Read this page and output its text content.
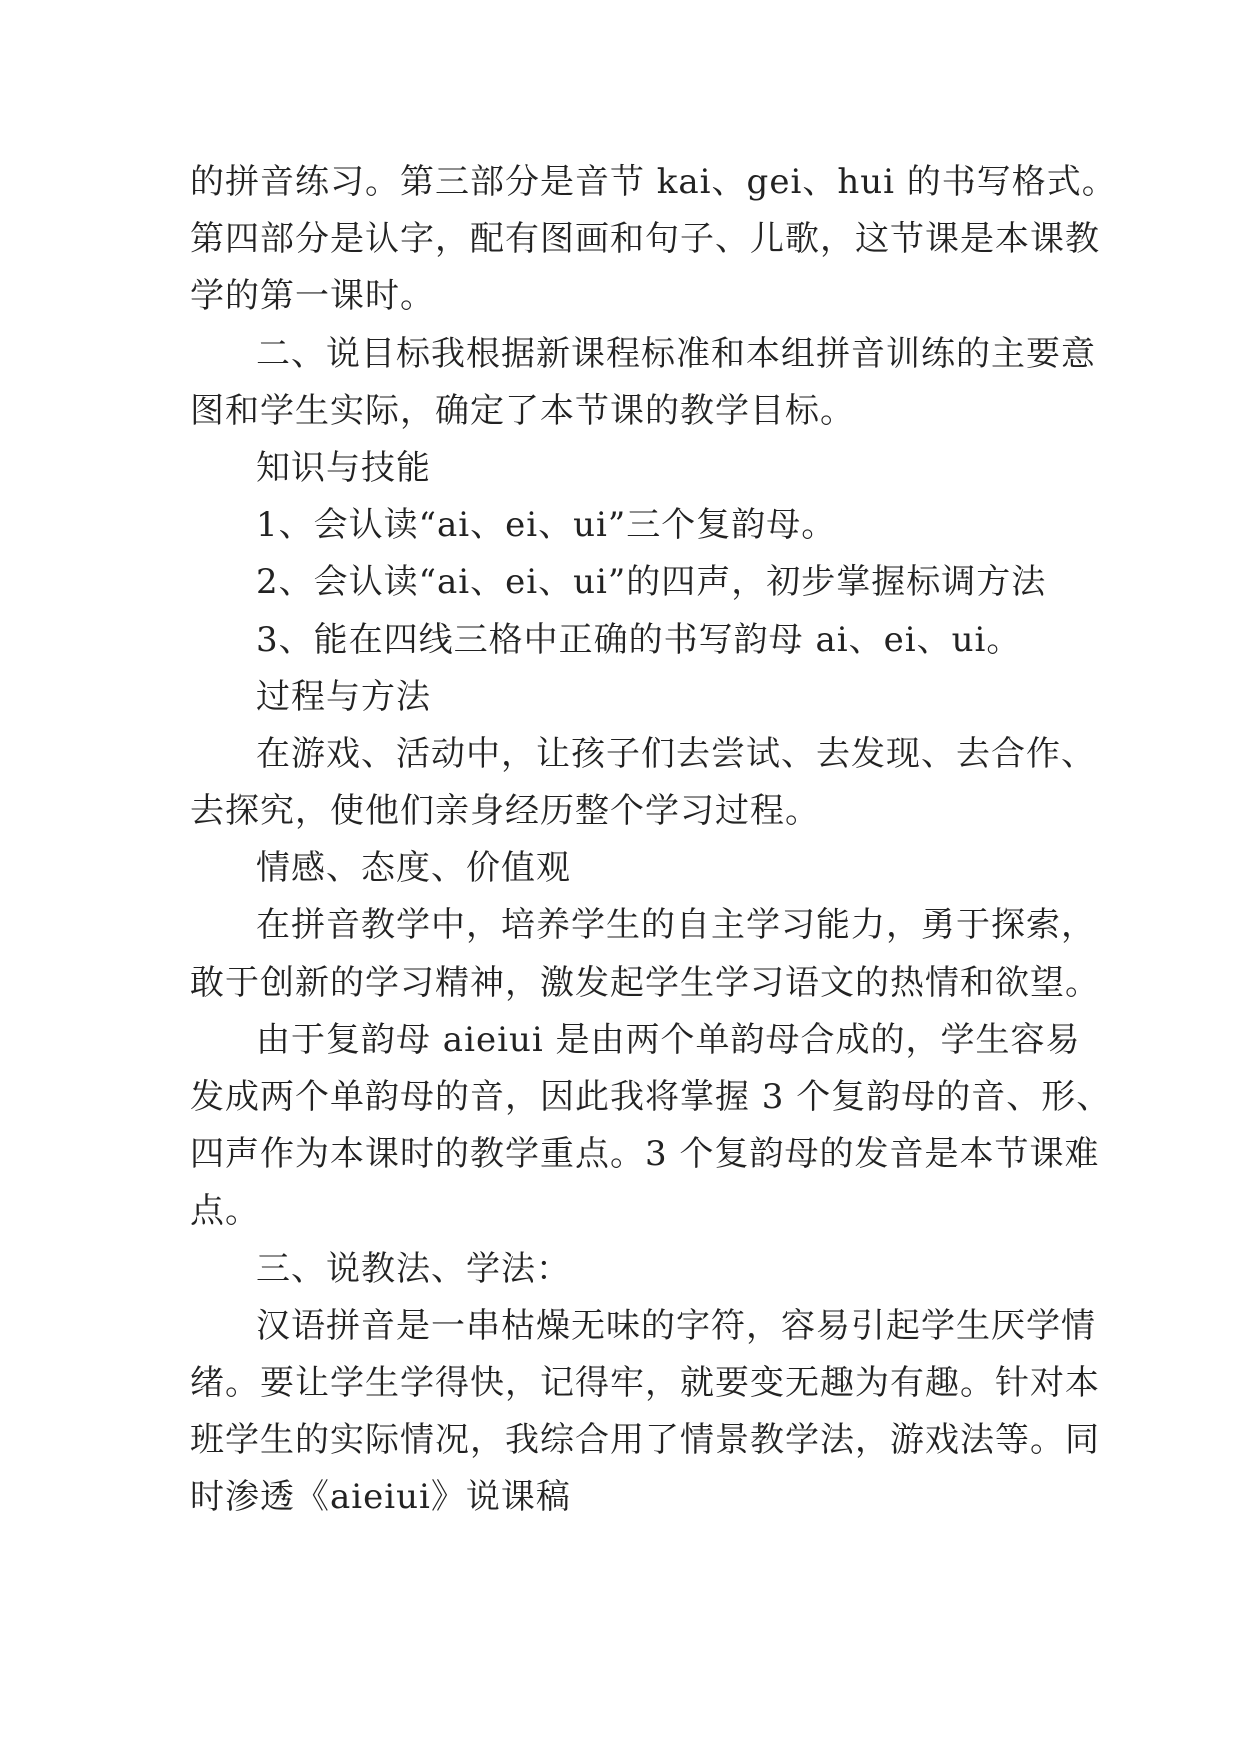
的拼音练习。第三部分是音节 kai、gei、hui 的书写格式。
第四部分是认字，配有图画和句子、儿歌，这节课是本课教
学的第一课时。
二、说目标我根据新课程标准和本组拼音训练的主要意
图和学生实际，确定了本节课的教学目标。
知识与技能
1、会认读“ai、ei、ui”三个复韵母。
2、会认读“ai、ei、ui”的四声，初步掌握标调方法
3、能在四线三格中正确的书写韵母 ai、ei、ui。
过程与方法
在游戏、活动中，让孩子们去尝试、去发现、去合作、
去探究，使他们亲身经历整个学习过程。
情感、态度、价值观
在拼音教学中，培养学生的自主学习能力，勇于探索，
敢于创新的学习精神，激发起学生学习语文的热情和欲望。
由于复韵母 aieiui 是由两个单韵母合成的，学生容易
发成两个单韵母的音，因此我将掌握 3 个复韵母的音、形、
四声作为本课时的教学重点。3 个复韵母的发音是本节课难
点。
三、说教法、学法：
汉语拼音是一串枯燥无味的字符，容易引起学生厌学情
绪。要让学生学得快，记得牢，就要变无趣为有趣。针对本
班学生的实际情况，我综合用了情景教学法，游戏法等。同
时渗透《aieiui》说课稿
